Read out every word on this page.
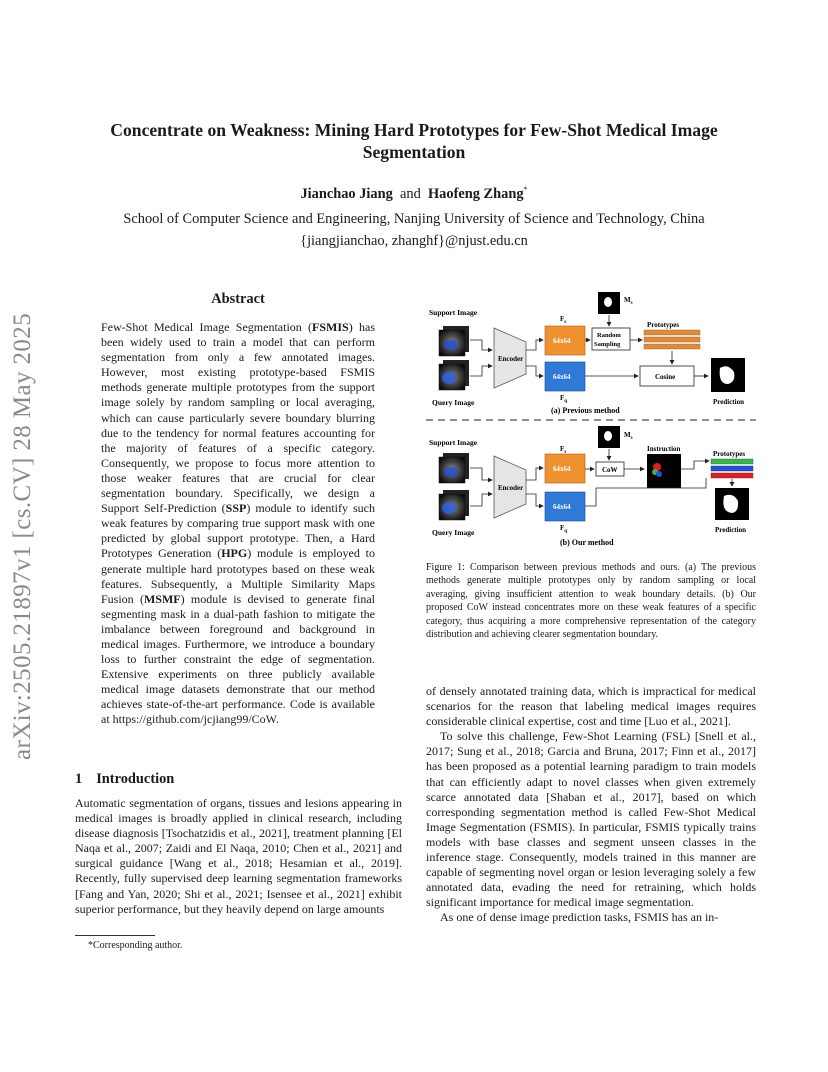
arXiv:2505.21897v1 [cs.CV] 28 May 2025
Concentrate on Weakness: Mining Hard Prototypes for Few-Shot Medical Image Segmentation
Jianchao Jiang and Haofeng Zhang*
School of Computer Science and Engineering, Nanjing University of Science and Technology, China
{jiangjianchao, zhanghf}@njust.edu.cn
Abstract
Few-Shot Medical Image Segmentation (FSMIS) has been widely used to train a model that can perform segmentation from only a few annotated images. However, most existing prototype-based FSMIS methods generate multiple prototypes from the support image solely by random sampling or local averaging, which can cause particularly severe boundary blurring due to the tendency for normal features accounting for the majority of features of a specific category. Consequently, we propose to focus more attention to those weaker features that are crucial for clear segmentation boundary. Specifically, we design a Support Self-Prediction (SSP) module to identify such weak features by comparing true support mask with one predicted by global support prototype. Then, a Hard Prototypes Generation (HPG) module is employed to generate multiple hard prototypes based on these weak features. Subsequently, a Multiple Similarity Maps Fusion (MSMF) module is devised to generate final segmenting mask in a dual-path fashion to mitigate the imbalance between foreground and background in medical images. Furthermore, we introduce a boundary loss to further constraint the edge of segmentation. Extensive experiments on three publicly available medical image datasets demonstrate that our method achieves state-of-the-art performance. Code is available at https://github.com/jcjiang99/CoW.
1 Introduction
Automatic segmentation of organs, tissues and lesions appearing in medical images is broadly applied in clinical research, including disease diagnosis [Tsochatzidis et al., 2021], treatment planning [El Naqa et al., 2007; Zaidi and El Naqa, 2010; Chen et al., 2021] and surgical guidance [Wang et al., 2018; Hesamian et al., 2019]. Recently, fully supervised deep learning segmentation frameworks [Fang and Yan, 2020; Shi et al., 2021; Isensee et al., 2021] exhibit superior performance, but they heavily depend on large amounts
*Corresponding author.
Support Image
Query Image
Encoder
$F_s$
64x64
64x64
$F_q$
$M_s$
Random
Sampling
Prototypes
Cosine
Prediction
(a) Previous method
Support Image
Query Image
Encoder
$F_s$
64x64
64x64
$F_q$
$M_s$
CoW
Instruction
Prototypes
Prediction
(b) Our method
Figure 1: Comparison between previous methods and ours. (a) The previous methods generate multiple prototypes only by random sampling or local averaging, giving insufficient attention to weak boundary details. (b) Our proposed CoW instead concentrates more on these weak features of a specific category, thus acquiring a more comprehensive representation of the category distribution and achieving clearer segmentation boundary.
of densely annotated training data, which is impractical for medical scenarios for the reason that labeling medical images requires considerable clinical expertise, cost and time [Luo et al., 2021].
To solve this challenge, Few-Shot Learning (FSL) [Snell et al., 2017; Sung et al., 2018; Garcia and Bruna, 2017; Finn et al., 2017] has been proposed as a potential learning paradigm to train models that can efficiently adapt to novel classes when given extremely scarce annotated data [Shaban et al., 2017], based on which corresponding segmentation method is called Few-Shot Medical Image Segmentation (FSMIS). In particular, FSMIS typically trains models with base classes and segment unseen classes in the inference stage. Consequently, models trained in this manner are capable of segmenting novel organ or lesion leveraging solely a few annotated data, evading the need for retraining, which holds significant importance for medical image segmentation.
As one of dense image prediction tasks, FSMIS has an in-
